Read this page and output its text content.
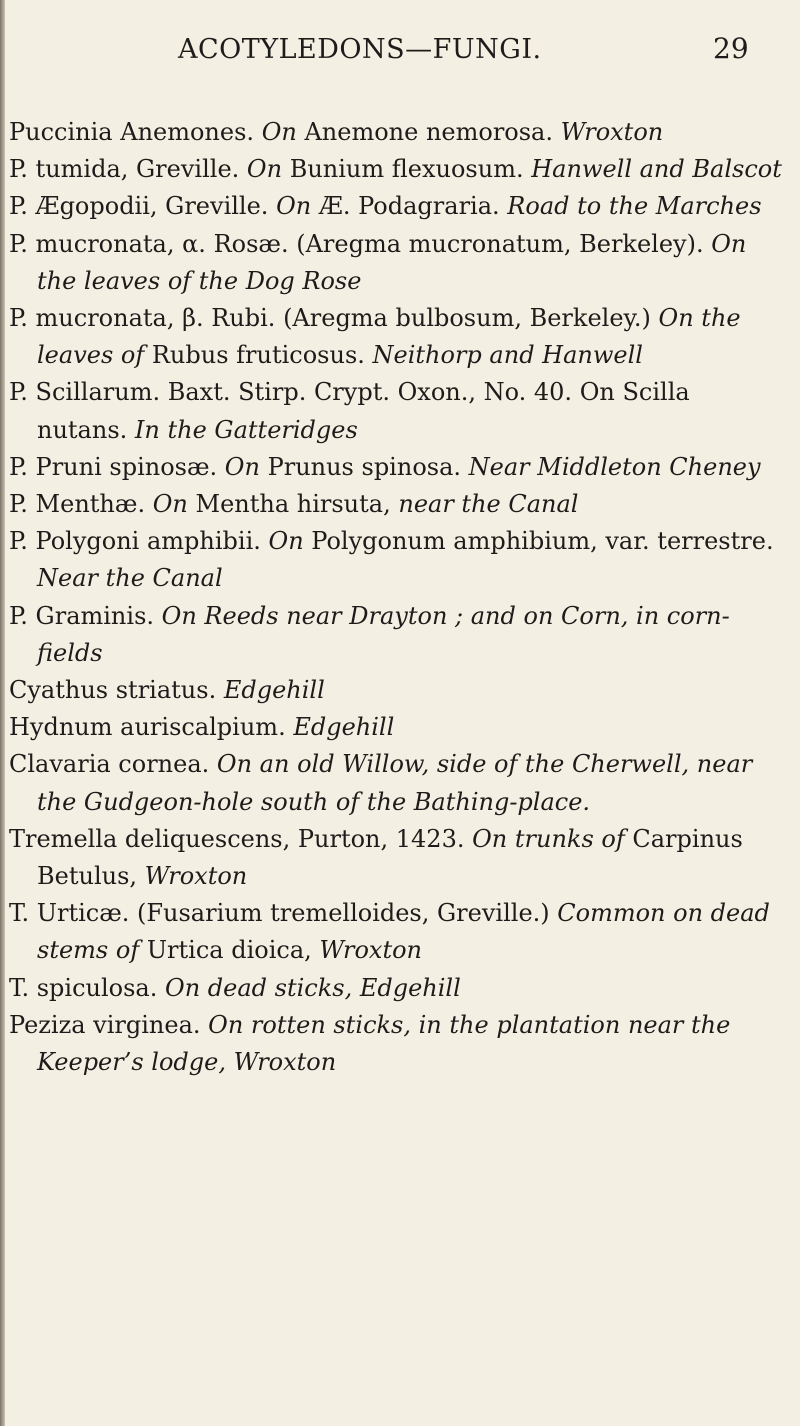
ACOTYLEDONS—FUNGI.	29

Puccinia Anemones. On Anemone nemorosa. Wroxton

P. tumida, Greville. On Bunium flexuosum. Hanwell and Balscot

P. Ægopodii, Greville. On Æ. Podagraria. Road to the Marches

P. mucronata, α. Rosæ. (Aregma mucronatum, Berkeley). On the leaves of the Dog Rose

P. mucronata, β. Rubi. (Aregma bulbosum, Berkeley.) On the leaves of Rubus fruticosus. Neithorp and Hanwell

P. Scillarum. Baxt. Stirp. Crypt. Oxon., No. 40. On Scilla nutans. In the Gatteridges

P. Pruni spinosæ. On Prunus spinosa. Near Middleton Cheney

P. Menthæ. On Mentha hirsuta, near the Canal

P. Polygoni amphibii. On Polygonum amphibium, var. terrestre. Near the Canal

P. Graminis. On Reeds near Drayton ; and on Corn, in corn-fields

Cyathus striatus. Edgehill

Hydnum auriscalpium. Edgehill

Clavaria cornea. On an old Willow, side of the Cherwell, near the Gudgeon-hole south of the Bathing-place.

Tremella deliquescens, Purton, 1423. On trunks of Carpinus Betulus, Wroxton

T. Urticæ. (Fusarium tremelloides, Greville.) Common on dead stems of Urtica dioica, Wroxton

T. spiculosa. On dead sticks, Edgehill

Peziza virginea. On rotten sticks, in the plantation near the Keeper’s lodge, Wroxton
